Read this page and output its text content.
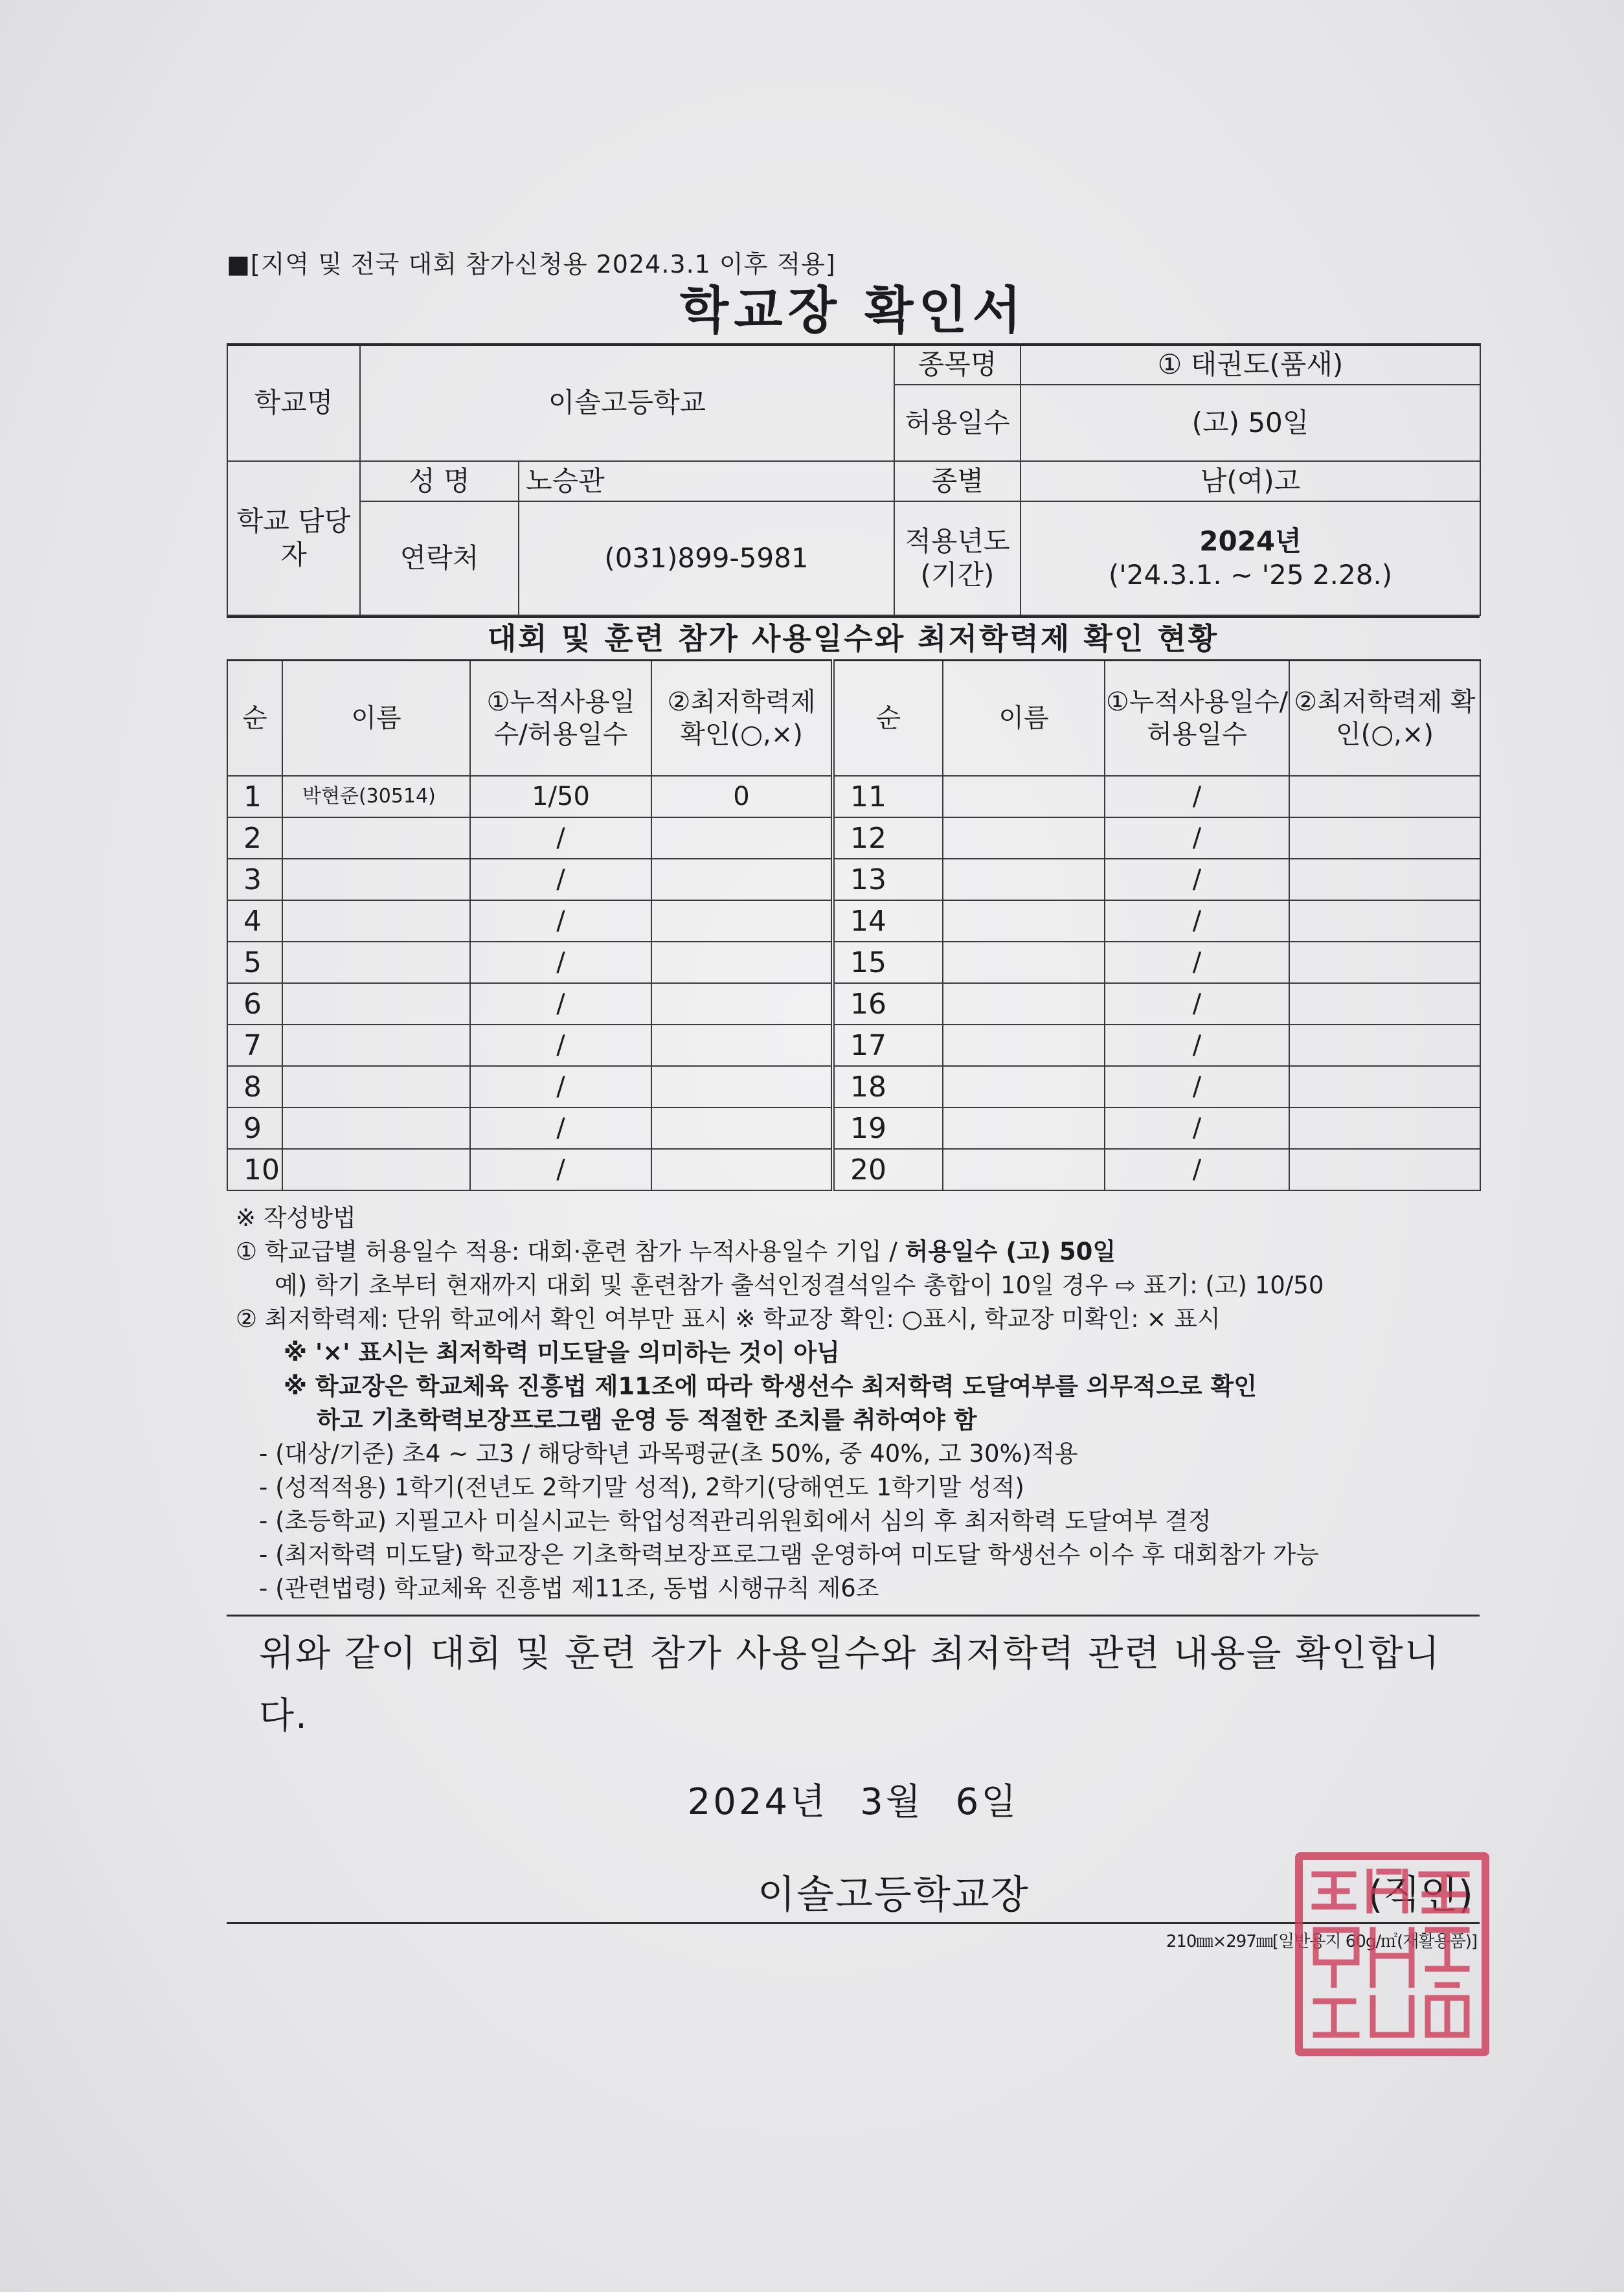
■[지역 및 전국 대회 참가신청용 2024.3.1 이후 적용]
학교장 확인서
학교명	이솔고등학교		종목명	① 태권도(품새)
			허용일수	(고) 50일
학교 담당자	성 명	노승관	종별	남(여)고
	연락처	(031)899-5981	적용년도 (기간)	2024년
('24.3.1. ~ '25 2.28.)
대회 및 훈련 참가 사용일수와 최저학력제 확인 현황
순	이름	①누적사용일수/허용일수	②최저학력제 확인(○,×)	순	이름	①누적사용일수/허용일수	②최저학력제 확인(○,×)
1	박현준(30514)	1/50	0	11		/	
2		/		12		/	
3		/		13		/	
4		/		14		/	
5		/		15		/	
6		/		16		/	
7		/		17		/	
8		/		18		/	
9		/		19		/	
10		/		20		/	
※ 작성방법
① 학교급별 허용일수 적용: 대회·훈련 참가 누적사용일수 기입 / 허용일수 (고) 50일
예) 학기 초부터 현재까지 대회 및 훈련참가 출석인정결석일수 총합이 10일 경우 ⇨ 표기: (고) 10/50
② 최저학력제: 단위 학교에서 확인 여부만 표시 ※ 학교장 확인: ○표시, 학교장 미확인: × 표시
※ '×' 표시는 최저학력 미도달을 의미하는 것이 아님
※ 학교장은 학교체육 진흥법 제11조에 따라 학생선수 최저학력 도달여부를 의무적으로 확인
하고 기초학력보장프로그램 운영 등 적절한 조치를 취하여야 함
- (대상/기준) 초4 ~ 고3 / 해당학년 과목평균(초 50%, 중 40%, 고 30%)적용
- (성적적용) 1학기(전년도 2학기말 성적), 2학기(당해연도 1학기말 성적)
- (초등학교) 지필고사 미실시교는 학업성적관리위원회에서 심의 후 최저학력 도달여부 결정
- (최저학력 미도달) 학교장은 기초학력보장프로그램 운영하여 미도달 학생선수 이수 후 대회참가 가능
- (관련법령) 학교체육 진흥법 제11조, 동법 시행규칙 제6조
위와 같이 대회 및 훈련 참가 사용일수와 최저학력 관련 내용을 확인합니다.
2024년 3월 6일
이솔고등학교장	(직인)
210㎜×297㎜[일반용지 60g/㎡(재활용품)]
